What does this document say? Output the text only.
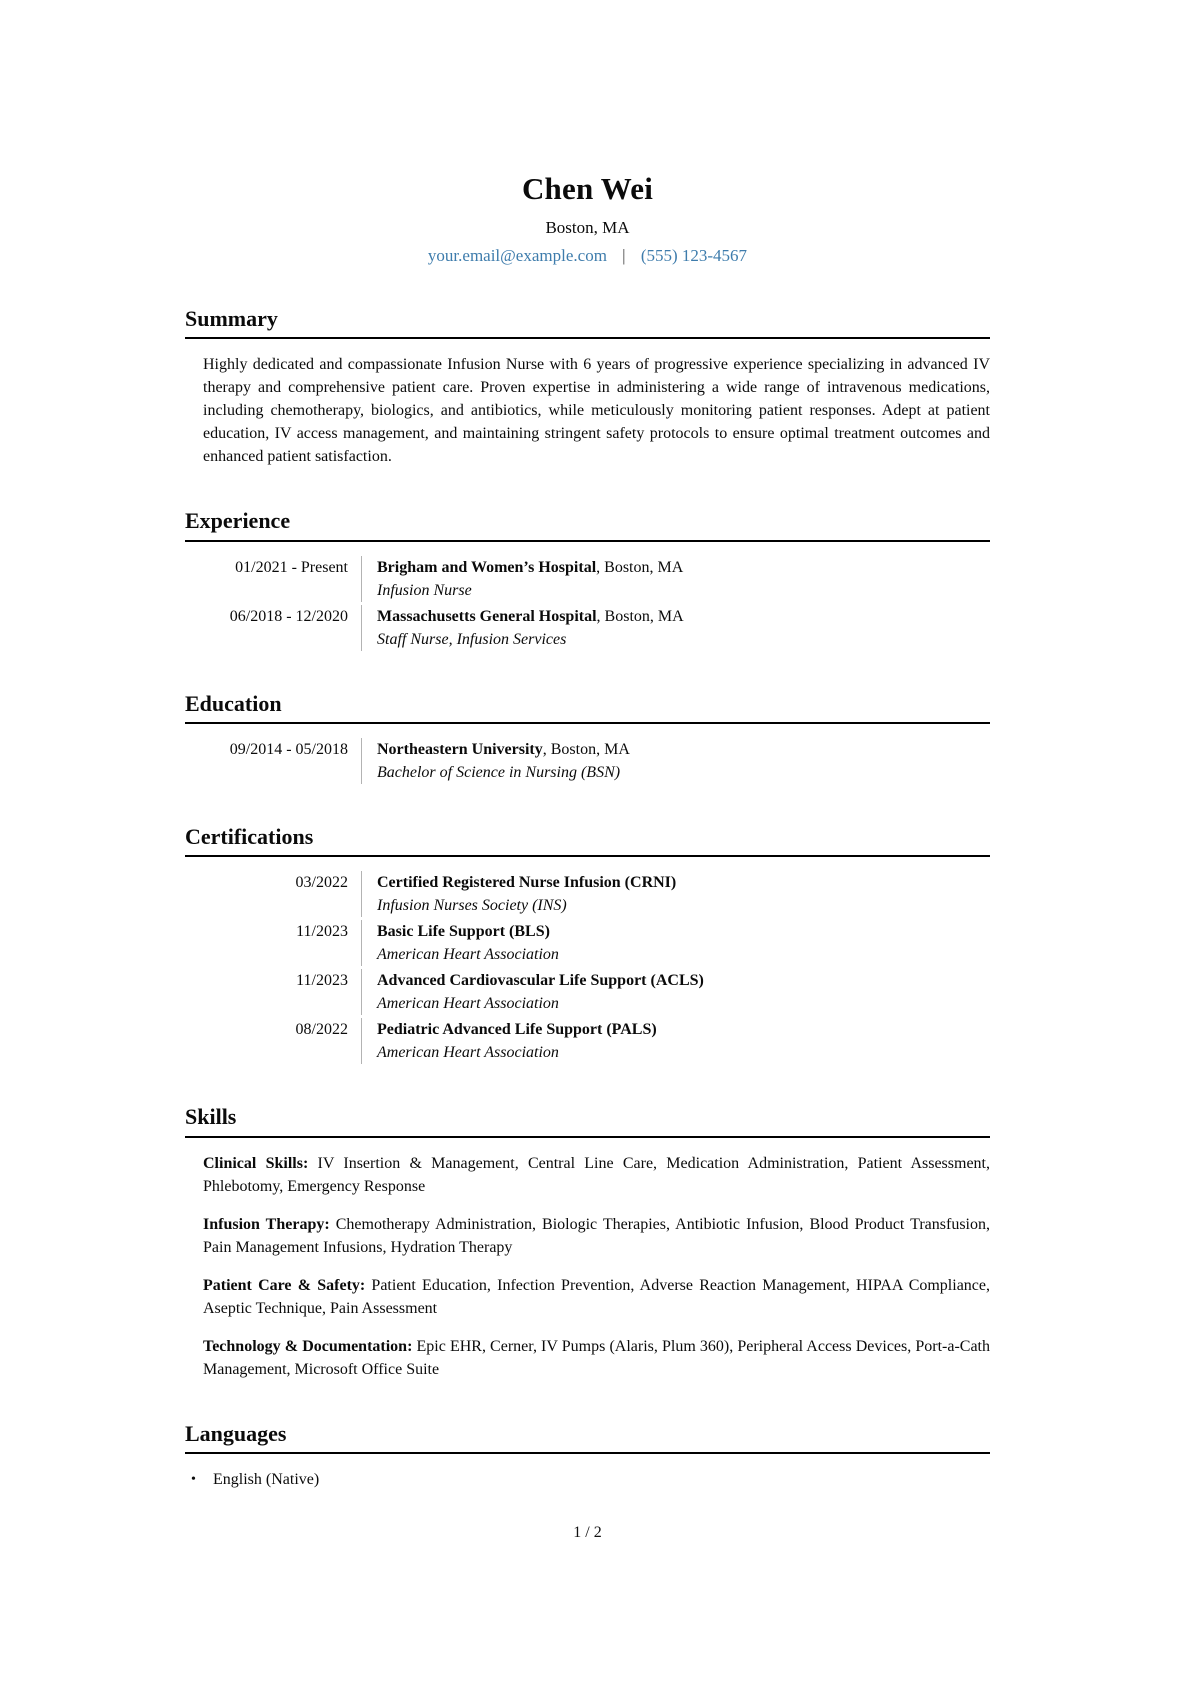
Chen Wei
Boston, MA
your.email@example.com | (555) 123-4567
Summary
Highly dedicated and compassionate Infusion Nurse with 6 years of progressive experience specializing in advanced IV therapy and comprehensive patient care. Proven expertise in administering a wide range of intravenous medications, including chemotherapy, biologics, and antibiotics, while meticulously monitoring patient responses. Adept at patient education, IV access management, and maintaining stringent safety protocols to ensure optimal treatment outcomes and enhanced patient satisfaction.
Experience
01/2021 - Present	Brigham and Women’s Hospital, Boston, MA
Infusion Nurse
06/2018 - 12/2020	Massachusetts General Hospital, Boston, MA
Staff Nurse, Infusion Services
Education
09/2014 - 05/2018	Northeastern University, Boston, MA
Bachelor of Science in Nursing (BSN)
Certifications
03/2022	Certified Registered Nurse Infusion (CRNI)
Infusion Nurses Society (INS)
11/2023	Basic Life Support (BLS)
American Heart Association
11/2023	Advanced Cardiovascular Life Support (ACLS)
American Heart Association
08/2022	Pediatric Advanced Life Support (PALS)
American Heart Association
Skills
Clinical Skills: IV Insertion & Management, Central Line Care, Medication Administration, Patient Assessment, Phlebotomy, Emergency Response
Infusion Therapy: Chemotherapy Administration, Biologic Therapies, Antibiotic Infusion, Blood Product Transfusion, Pain Management Infusions, Hydration Therapy
Patient Care & Safety: Patient Education, Infection Prevention, Adverse Reaction Management, HIPAA Compliance, Aseptic Technique, Pain Assessment
Technology & Documentation: Epic EHR, Cerner, IV Pumps (Alaris, Plum 360), Peripheral Access Devices, Port-a-Cath Management, Microsoft Office Suite
Languages
•	English (Native)
1 / 2
